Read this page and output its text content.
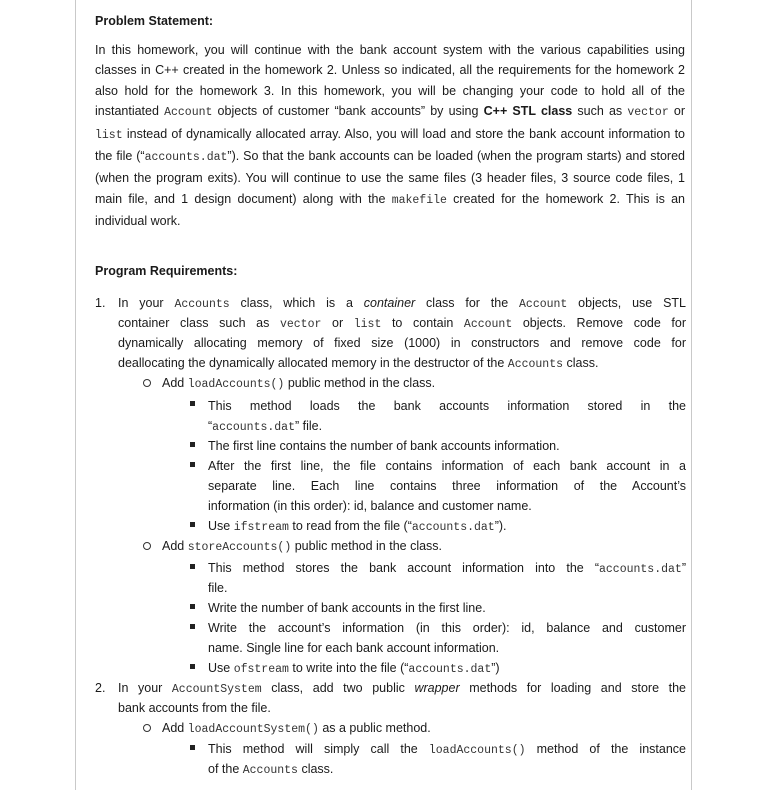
Problem Statement:

In this homework, you will continue with the bank account system with the various capabilities using classes in C++ created in the homework 2. Unless so indicated, all the requirements for the homework 2 also hold for the homework 3. In this homework, you will be changing your code to hold all of the instantiated Account objects of customer “bank accounts” by using C++ STL class such as vector or list instead of dynamically allocated array. Also, you will load and store the bank account information to the file (“accounts.dat”). So that the bank accounts can be loaded (when the program starts) and stored (when the program exits). You will continue to use the same files (3 header files, 3 source code files, 1 main file, and 1 design document) along with the makefile created for the homework 2. This is an individual work.

Program Requirements:
1. In your Accounts class, which is a container class for the Account objects, use STL
container class such as vector or list to contain Account objects. Remove code for
dynamically allocating memory of fixed size (1000) in constructors and remove code for
deallocating the dynamically allocated memory in the destructor of the Accounts class.
Add loadAccounts() public method in the class.
This method loads the bank accounts information stored in the
“accounts.dat” file.
The first line contains the number of bank accounts information.
After the first line, the file contains information of each bank account in a
separate line. Each line contains three information of the Account’s
information (in this order): id, balance and customer name.
Use ifstream to read from the file (“accounts.dat”).
Add storeAccounts() public method in the class.
This method stores the bank account information into the “accounts.dat”
file.
Write the number of bank accounts in the first line.
Write the account’s information (in this order): id, balance and customer
name. Single line for each bank account information.
Use ofstream to write into the file (“accounts.dat”)
2. In your AccountSystem class, add two public wrapper methods for loading and store the
bank accounts from the file.
Add loadAccountSystem() as a public method.
This method will simply call the loadAccounts() method of the instance
of the Accounts class.
